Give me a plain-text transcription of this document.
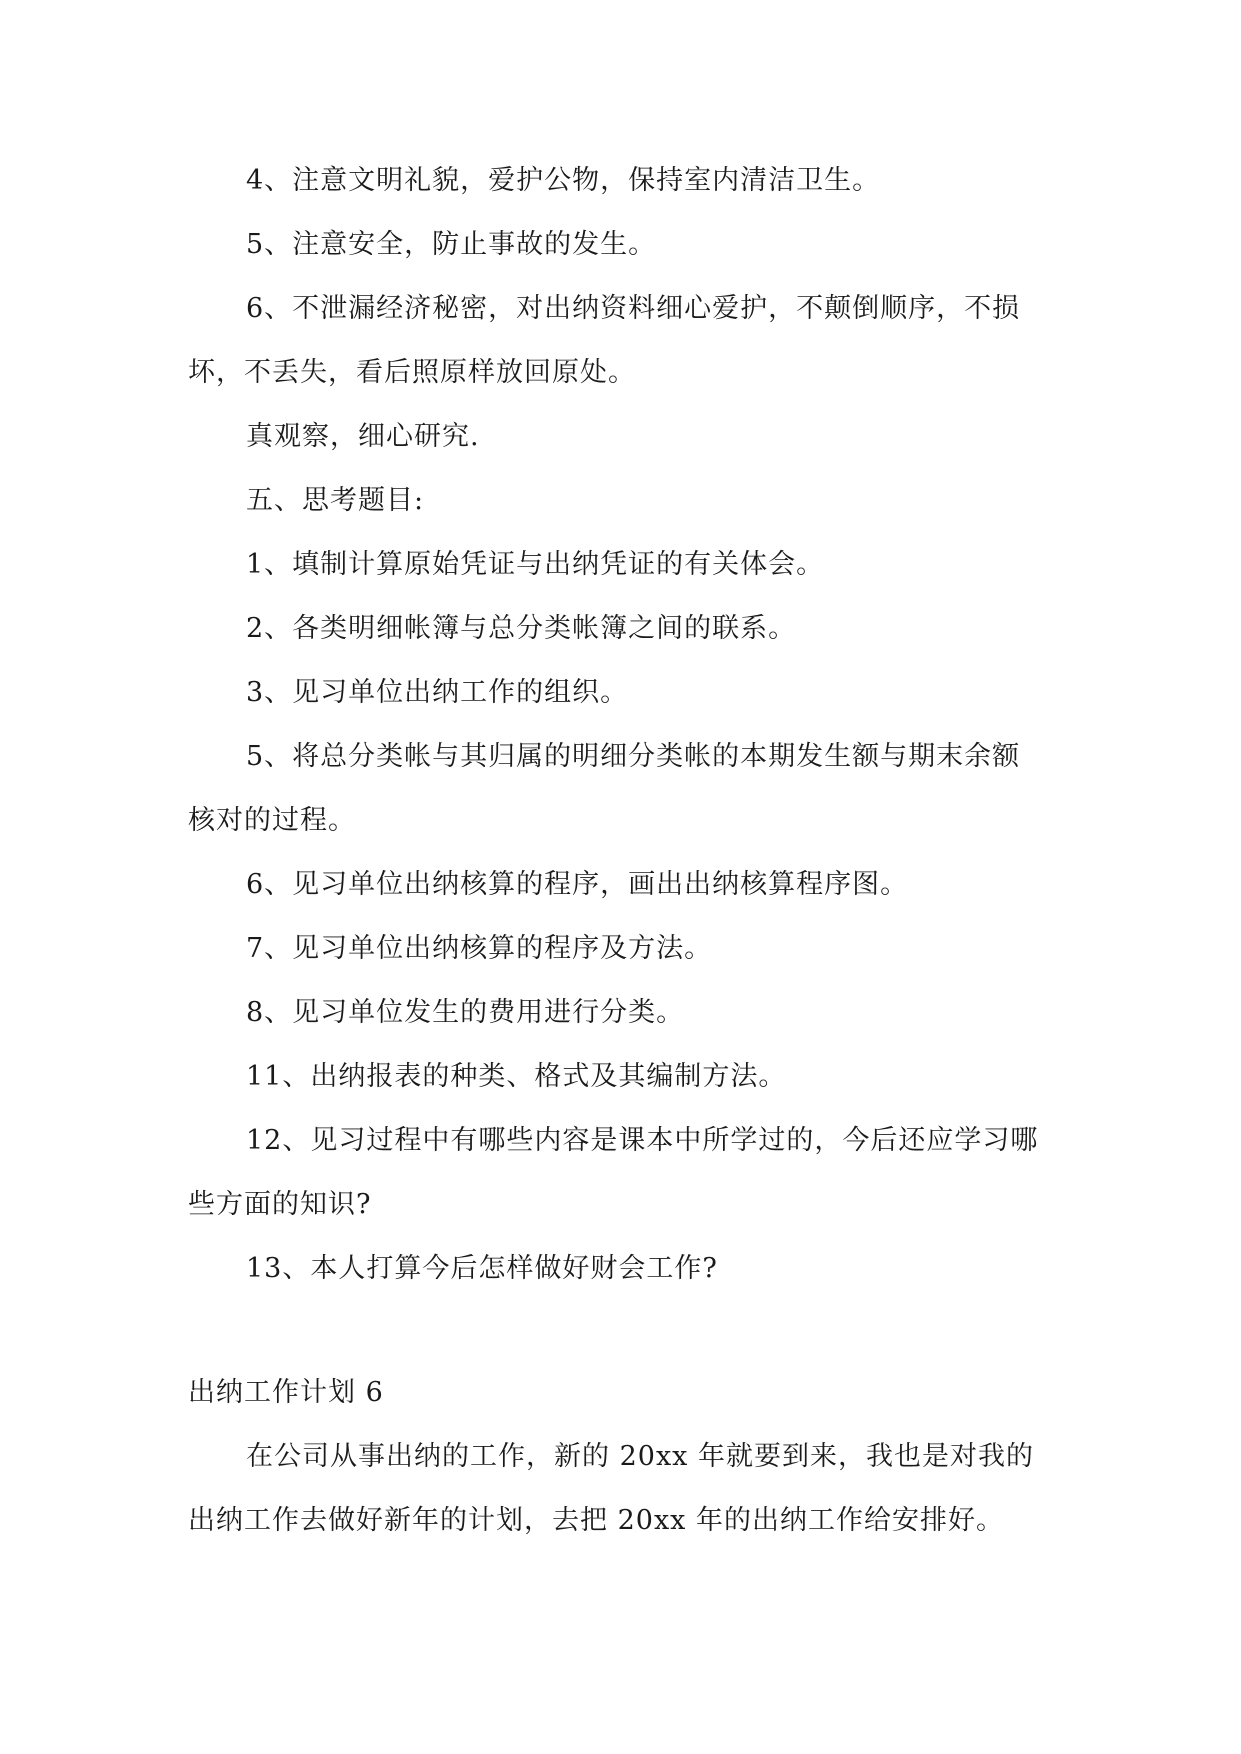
4、注意文明礼貌，爱护公物，保持室内清洁卫生。
5、注意安全，防止事故的发生。
6、不泄漏经济秘密，对出纳资料细心爱护，不颠倒顺序，不损
坏，不丢失，看后照原样放回原处。
真观察，细心研究.
五、思考题目:
1、填制计算原始凭证与出纳凭证的有关体会。
2、各类明细帐簿与总分类帐簿之间的联系。
3、见习单位出纳工作的组织。
5、将总分类帐与其归属的明细分类帐的本期发生额与期末余额
核对的过程。
6、见习单位出纳核算的程序，画出出纳核算程序图。
7、见习单位出纳核算的程序及方法。
8、见习单位发生的费用进行分类。
11、出纳报表的种类、格式及其编制方法。
12、见习过程中有哪些内容是课本中所学过的，今后还应学习哪
些方面的知识?
13、本人打算今后怎样做好财会工作?
出纳工作计划 6
在公司从事出纳的工作，新的 20xx 年就要到来，我也是对我的
出纳工作去做好新年的计划，去把 20xx 年的出纳工作给安排好。
